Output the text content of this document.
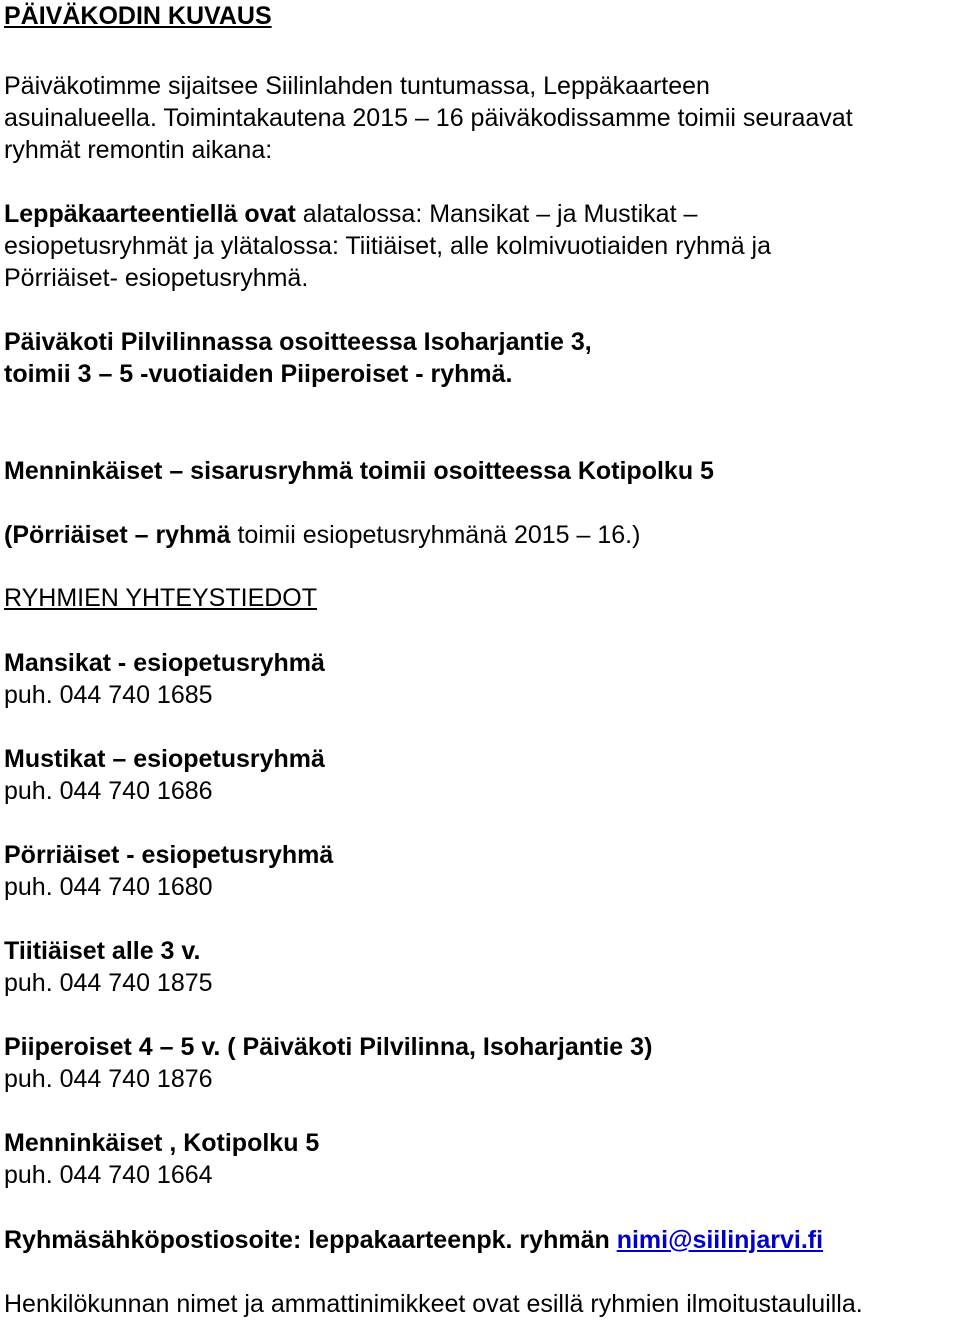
PÄIVÄKODIN KUVAUS
Päiväkotimme sijaitsee Siilinlahden tuntumassa, Leppäkaarteen
asuinalueella. Toimintakautena 2015 – 16 päiväkodissamme toimii seuraavat
ryhmät remontin aikana:
Leppäkaarteentiellä ovat alatalossa: Mansikat – ja Mustikat –
esiopetusryhmät ja ylätalossa: Tiitiäiset, alle kolmivuotiaiden ryhmä ja
Pörriäiset- esiopetusryhmä.
Päiväkoti Pilvilinnassa osoitteessa Isoharjantie 3,
toimii 3 – 5 -vuotiaiden Piiperoiset - ryhmä.
Menninkäiset – sisarusryhmä toimii osoitteessa Kotipolku 5
(Pörriäiset – ryhmä toimii esiopetusryhmänä 2015 – 16.)
RYHMIEN YHTEYSTIEDOT
Mansikat - esiopetusryhmä
puh. 044 740 1685
Mustikat – esiopetusryhmä
puh. 044 740 1686
Pörriäiset - esiopetusryhmä
puh. 044 740 1680
Tiitiäiset alle 3 v.
puh. 044 740 1875
Piiperoiset 4 – 5 v. ( Päiväkoti Pilvilinna, Isoharjantie 3)
puh. 044 740 1876
Menninkäiset , Kotipolku 5
puh. 044 740 1664
Ryhmäsähköpostiosoite: leppakaarteenpk. ryhmän nimi@siilinjarvi.fi
Henkilökunnan nimet ja ammattinimikkeet ovat esillä ryhmien ilmoitustauluilla.
